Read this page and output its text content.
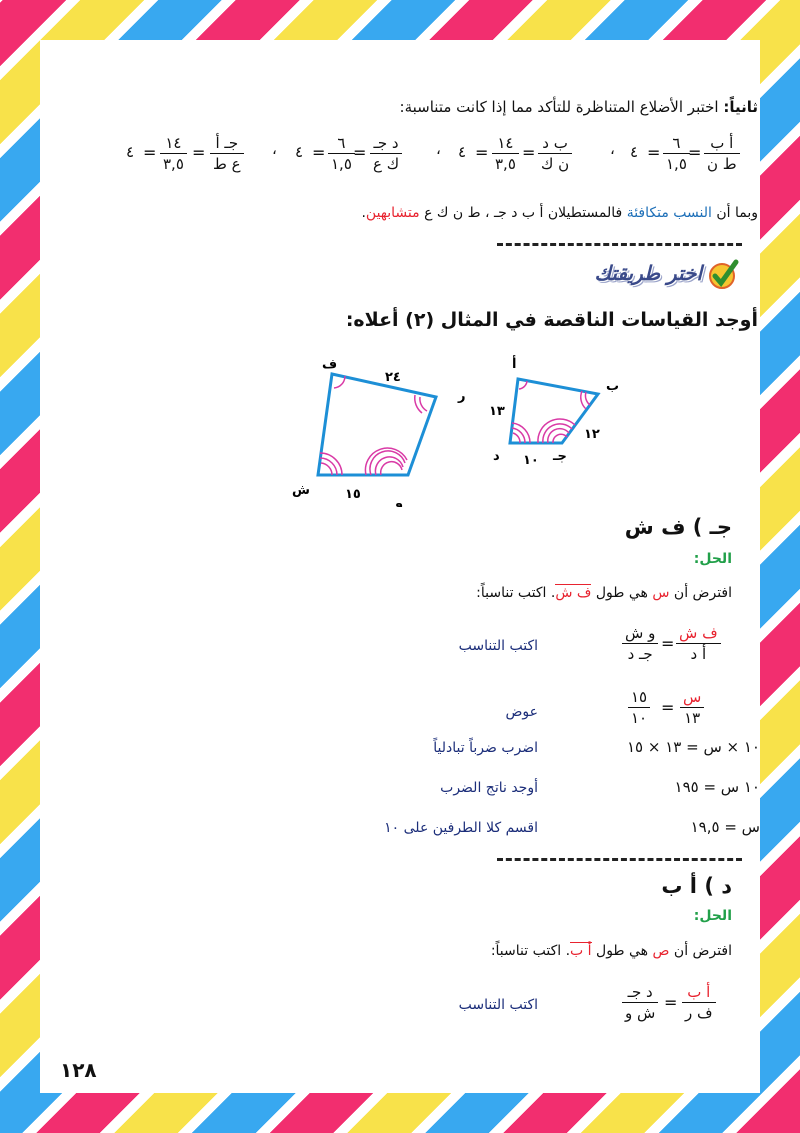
ثانياً: اختبر الأضلاع المتناظرة للتأكد مما إذا كانت متناسبة:
أ ب
ط ن
=
٦
١,٥
=
٤
،
ب د
ن ك
=
١٤
٣,٥
=
٤
،
د جـ
ك ع
=
٦
١,٥
=
٤
،
جـ أ
ع ط
=
١٤
٣,٥
=
٤
وبما أن النسب متكافئة فالمستطيلان أ ب د جـ ، ط ن ك ع متشابهين.
اختر طريقتك
أوجد القياسات الناقصة في المثال (٢) أعلاه:
ف
ر
و
ش
٢٤
١٥
أ
ب
جـ
د
١٣
١٢
١٠
جـ ) ف ش
الحل:
افترض أن س هي طول ف ش. اكتب تناسباً:
ف ش
أ د
=
و ش
جـ د
اكتب التناسب
س
١٣
=
١٥
١٠
عوض
١٠ × س = ١٣ × ١٥
اضرب ضرباً تبادلياً
١٠ س = ١٩٥
أوجد ناتج الضرب
س = ١٩,٥
اقسم كلا الطرفين على ١٠
د ) أ ب
الحل:
افترض أن ص هي طول أ ب. اكتب تناسباً:
أ ب
ف ر
=
د جـ
ش و
اكتب التناسب
١٢٨
